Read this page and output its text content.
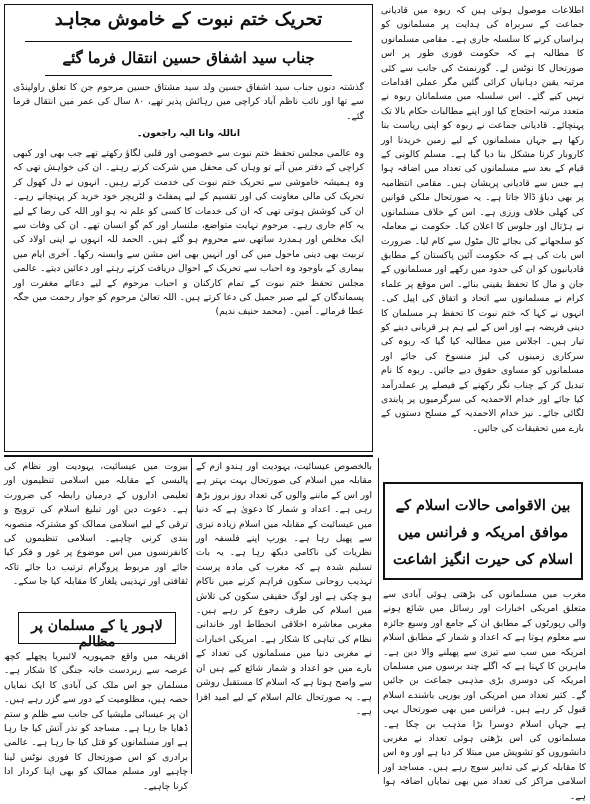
تحریک ختم نبوت کے خاموش مجاہد
جناب سید اشفاق حسین انتقال فرما گئے

گذشتہ دنوں جناب سید اشفاق حسین ولد سید مشتاق حسین مرحوم جن کا تعلق راولپنڈی سے تھا اور نائب ناظم آباد کراچی میں رہائش پذیر تھے، ۸۰ سال کی عمر میں انتقال فرما گئے۔

اناللہ وانا الیہ راجعون۔

وہ عالمی مجلس تحفظ ختم نبوت سے خصوصی اور قلبی لگاؤ رکھتے تھے جب بھی اور کبھی کراچی کے دفتر میں آتے تو وہاں کی محفل میں شرکت کرتے رہتے۔ ان کی خواہش تھی کہ وہ ہمیشہ خاموشی سے تحریک ختم نبوت کی خدمت کرتے رہیں۔ انہوں نے دل کھول کر تحریک کی مالی معاونت کی اور تقسیم کے لیے پمفلٹ و لٹریچر خود خرید کر پہنچاتے رہے۔ ان کی کوشش ہوتی تھی کہ ان کی خدمات کا کسی کو علم نہ ہو اور اللہ کی رضا کے لیے یہ کام جاری رہے۔ مرحوم نہایت متواضع، ملنسار اور کم گو انسان تھے۔ ان کی وفات سے ایک مخلص اور ہمدرد ساتھی سے محروم ہو گئے ہیں۔ الحمد للہ انہوں نے اپنی اولاد کی تربیت بھی دینی ماحول میں کی اور انہیں بھی اس مشن سے وابستہ رکھا۔ آخری ایام میں بیماری کے باوجود وہ احباب سے تحریک کے احوال دریافت کرتے رہتے اور دعائیں دیتے۔ عالمی مجلس تحفظ ختم نبوت کے تمام کارکنان و احباب مرحوم کے لیے دعائے مغفرت اور پسماندگان کے لیے صبر جمیل کی دعا کرتے ہیں۔ اللہ تعالیٰ مرحوم کو جوار رحمت میں جگہ عطا فرمائے۔ آمین۔ (محمد حنیف ندیم)

اطلاعات موصول ہوئی ہیں کہ ربوہ میں قادیانی جماعت کے سربراہ کی ہدایت پر مسلمانوں کو ہراساں کرنے کا سلسلہ جاری ہے۔ مقامی مسلمانوں کا مطالبہ ہے کہ حکومت فوری طور پر اس صورتحال کا نوٹس لے۔ گورنمنٹ کی جانب سے کئی مرتبہ یقین دہانیاں کرائی گئیں مگر عملی اقدامات نہیں کیے گئے۔ اس سلسلہ میں مسلمانان ربوہ نے متعدد مرتبہ احتجاج کیا اور اپنے مطالبات حکام بالا تک پہنچائے۔ قادیانی جماعت نے ربوہ کو اپنی ریاست بنا رکھا ہے جہاں مسلمانوں کے لیے زمین خریدنا اور کاروبار کرنا مشکل بنا دیا گیا ہے۔ مسلم کالونی کے قیام کے بعد سے مسلمانوں کی تعداد میں اضافہ ہوا ہے جس سے قادیانی پریشان ہیں۔ مقامی انتظامیہ پر بھی دباؤ ڈالا جاتا ہے۔ یہ صورتحال ملکی قوانین کی کھلی خلاف ورزی ہے۔ اس کے خلاف مسلمانوں نے ہڑتال اور جلوس کا اعلان کیا۔ حکومت نے معاملہ کو سلجھانے کی بجائے ٹال مٹول سے کام لیا۔ ضرورت اس بات کی ہے کہ حکومت آئین پاکستان کے مطابق قادیانیوں کو ان کی حدود میں رکھے اور مسلمانوں کے جان و مال کا تحفظ یقینی بنائے۔ اس موقع پر علماء کرام نے مسلمانوں سے اتحاد و اتفاق کی اپیل کی۔ انہوں نے کہا کہ ختم نبوت کا تحفظ ہر مسلمان کا دینی فریضہ ہے اور اس کے لیے ہم ہر قربانی دینے کو تیار ہیں۔ اجلاس میں مطالبہ کیا گیا کہ ربوہ کی سرکاری زمینوں کی لیز منسوخ کی جائے اور مسلمانوں کو مساوی حقوق دیے جائیں۔ ربوہ کا نام تبدیل کر کے چناب نگر رکھنے کے فیصلے پر عملدرآمد کیا جائے اور خدام الاحمدیہ کی سرگرمیوں پر پابندی لگائی جائے۔ نیز خدام الاحمدیہ کے مسلح دستوں کے بارے میں تحقیقات کی جائیں۔

بین الاقوامی حالات اسلام کے موافق امریکہ و فرانس میں اسلام کی حیرت انگیز اشاعت

مغرب میں مسلمانوں کی بڑھتی ہوئی آبادی سے متعلق امریکی اخبارات اور رسائل میں شائع ہونے والی رپورٹوں کے مطابق ان کے جامع اور وسیع جائزہ سے معلوم ہوتا ہے کہ اعداد و شمار کے مطابق اسلام امریکہ میں سب سے تیزی سے پھیلنے والا دین ہے۔ ماہرین کا کہنا ہے کہ اگلے چند برسوں میں مسلمان امریکہ کی دوسری بڑی مذہبی جماعت بن جائیں گے۔ کثیر تعداد میں امریکی اور یورپی باشندے اسلام قبول کر رہے ہیں۔ فرانس میں بھی صورتحال یہی ہے جہاں اسلام دوسرا بڑا مذہب بن چکا ہے۔ مسلمانوں کی اس بڑھتی ہوئی تعداد نے مغربی دانشوروں کو تشویش میں مبتلا کر دیا ہے اور وہ اس کا مقابلہ کرنے کی تدابیر سوچ رہے ہیں۔ مساجد اور اسلامی مراکز کی تعداد میں بھی نمایاں اضافہ ہوا ہے۔

بالخصوص عیسائیت، یہودیت اور ہندو ازم کے مقابلہ میں اسلام کی صورتحال بہت بہتر ہے اور اس کے ماننے والوں کی تعداد روز بروز بڑھ رہی ہے۔ اعداد و شمار کا دعویٰ ہے کہ دنیا میں عیسائیت کے مقابلہ میں اسلام زیادہ تیزی سے پھیل رہا ہے۔ یورپ اپنے فلسفہ اور نظریات کی ناکامی دیکھ رہا ہے۔ یہ بات تسلیم شدہ ہے کہ مغرب کی مادہ پرست تہذیب روحانی سکون فراہم کرنے میں ناکام ہو چکی ہے اور لوگ حقیقی سکون کی تلاش میں اسلام کی طرف رجوع کر رہے ہیں۔ مغربی معاشرہ اخلاقی انحطاط اور خاندانی نظام کی تباہی کا شکار ہے۔ امریکی اخبارات نے مغربی دنیا میں مسلمانوں کی تعداد کے بارے میں جو اعداد و شمار شائع کیے ہیں ان سے واضح ہوتا ہے کہ اسلام کا مستقبل روشن ہے۔ یہ صورتحال عالم اسلام کے لیے امید افزا ہے۔

بیروت میں عیسائیت، یہودیت اور نظام کی پالیسی کے مقابلہ میں اسلامی تنظیموں اور تعلیمی اداروں کے درمیان رابطہ کی ضرورت ہے۔ دعوت دین اور تبلیغ اسلام کی ترویج و ترقی کے لیے اسلامی ممالک کو مشترکہ منصوبہ بندی کرنی چاہیے۔ اسلامی تنظیموں کی کانفرنسوں میں اس موضوع پر غور و فکر کیا جائے اور مربوط پروگرام ترتیب دیا جائے تاکہ ثقافتی اور تہذیبی یلغار کا مقابلہ کیا جا سکے۔

لاہور یا کے مسلمان پر مظالم

افریقہ میں واقع جمہوریہ لائبیریا پچھلے کچھ عرصہ سے زبردست خانہ جنگی کا شکار ہے۔ مسلمان جو اس ملک کی آبادی کا ایک نمایاں حصہ ہیں، مظلومیت کے دور سے گزر رہے ہیں۔ ان پر عیسائی ملیشیا کی جانب سے ظلم و ستم ڈھایا جا رہا ہے۔ مساجد کو نذر آتش کیا جا رہا ہے اور مسلمانوں کو قتل کیا جا رہا ہے۔ عالمی برادری کو اس صورتحال کا فوری نوٹس لینا چاہیے اور مسلم ممالک کو بھی اپنا کردار ادا کرنا چاہیے۔
